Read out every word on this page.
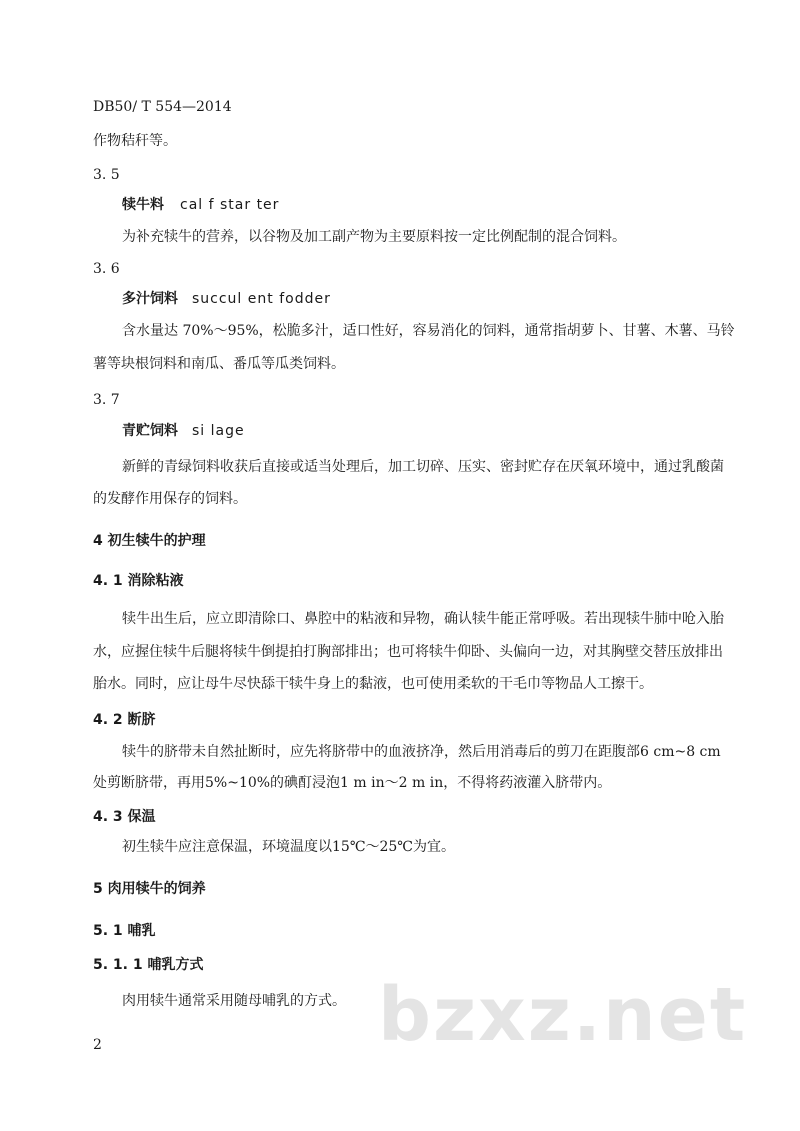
DB50/ T 554—2014
作物秸秆等。
3. 5
犊牛料 cal f star ter
为补充犊牛的营养，以谷物及加工副产物为主要原料按一定比例配制的混合饲料。
3. 6
多汁饲料 succul ent fodder
含水量达 70%～95%，松脆多汁，适口性好，容易消化的饲料，通常指胡萝卜、甘薯、木薯、马铃
薯等块根饲料和南瓜、番瓜等瓜类饲料。
3. 7
青贮饲料 si lage
新鲜的青绿饲料收获后直接或适当处理后，加工切碎、压实、密封贮存在厌氧环境中，通过乳酸菌
的发酵作用保存的饲料。
4 初生犊牛的护理
4. 1 消除粘液
犊牛出生后，应立即清除口、鼻腔中的粘液和异物，确认犊牛能正常呼吸。若出现犊牛肺中呛入胎
水，应握住犊牛后腿将犊牛倒提拍打胸部排出；也可将犊牛仰卧、头偏向一边，对其胸壁交替压放排出
胎水。同时，应让母牛尽快舔干犊牛身上的黏液，也可使用柔软的干毛巾等物品人工擦干。
4. 2 断脐
犊牛的脐带未自然扯断时，应先将脐带中的血液挤净，然后用消毒后的剪刀在距腹部6 cm~8 cm
处剪断脐带，再用5%~10%的碘酊浸泡1 m in～2 m in，不得将药液灌入脐带内。
4. 3 保温
初生犊牛应注意保温，环境温度以15℃～25℃为宜。
5 肉用犊牛的饲养
5. 1 哺乳
5. 1. 1 哺乳方式
肉用犊牛通常采用随母哺乳的方式。
2	bzxz.net
